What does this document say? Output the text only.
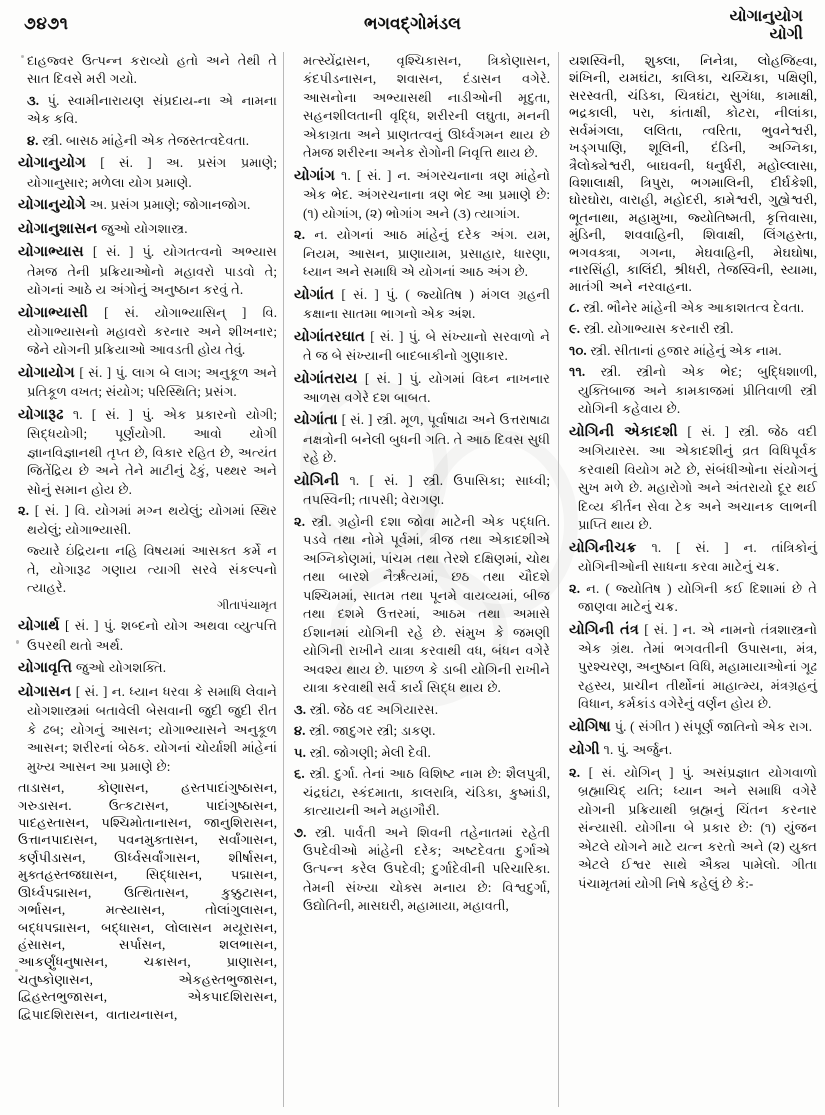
૭૪૭૧	ભગવદ્ગોમંડલ	યોગાનુયોગ
યોગી

દાહજ્વર ઉત્પન્ન કરાવ્યો હતો અને તેથી તે સાત દિવસે મરી ગયો.

૩. પું. સ્વામીનારાયણ સંપ્રદાય-ના એ નામના એક કવિ.

૪. સ્ત્રી. બાસઠ માંહેની એક તેજસ્તત્વદેવતા.

યોગાનુયોગ [ સં. ] અ. પ્રસંગ પ્રમાણે; યોગાનુસાર; મળેલા યોગ પ્રમાણે.

યોગાનુયોગે અ. પ્રસંગ પ્રમાણે; જોગાનજોગ.

યોગાનુશાસન જુઓ યોગશાસ્ત્ર.

યોગાભ્યાસ [ સં. ] પું. યોગતત્વનો અભ્યાસ તેમજ તેની પ્રક્રિયાઓનો મહાવરો પાડવો તે; યોગનાં આઠે ય અંગોનું અનુષ્ઠાન કરવું તે.

યોગાભ્યાસી [ સં. યોગાભ્યાસિન્ ] વિ. યોગાભ્યાસનો મહાવરો કરનાર અને શીખનાર; જેને યોગની પ્રક્રિયાઓ આવડતી હોય તેવું.

યોગાયોગ [ સં. ] પું. લાગ બે લાગ; અનુકૂળ અને પ્રતિકૂળ વખત; સંયોગ; પરિસ્થિતિ; પ્રસંગ.

યોગારૂઢ ૧. [ સં. ] પું. એક પ્રકારનો યોગી; સિદ્ધયોગી; પૂર્ણયોગી. આવો યોગી જ્ઞાનવિજ્ઞાનથી તૃપ્ત છે, વિકાર રહિત છે, અત્યંત જિતેંદ્રિય છે અને તેને માટીનું ઢેકું, પથ્થર અને સોનું સમાન હોય છે.

૨. [ સં. ] વિ. યોગમાં મગ્ન થયેલું; યોગમાં સ્થિર થયેલું; યોગાભ્યાસી.

જ્યારે ઇંદ્રિયના નહિ વિષયમાં આસક્ત કર્મે ન તે, યોગારૂઢ ગણાય ત્યાગી સરવે સંકલ્પનો ત્યાહરે.

ગીતાપંચામૃત

યોગાર્થ [ સં. ] પું. શબ્દનો યોગ અથવા વ્યુત્પત્તિ ઉપરથી થતો અર્થ.

યોગાવૃત્તિ જુઓ યોગશક્તિ.

યોગાસન [ સં. ] ન. ધ્યાન ધરવા કે સમાધિ લેવાને યોગશાસ્ત્રમાં બતાવેલી બેસવાની જુદી જુદી રીત કે ઢબ; યોગનું આસન; યોગાભ્યાસને અનુકૂળ આસન; શરીરનાં બેઠક. યોગનાં ચોર્યાશી માંહેનાં મુખ્ય આસન આ પ્રમાણે છે:

તાડાસન, કોણાસન, હસ્તપાદાંગુષ્ઠાસન, ગરુડાસન. ઉત્કટાસન, પાદાંગુષ્ઠાસન, પાદહસ્તાસન, પશ્ચિમોતાનાસન, જાનુશિરાસન, ઉત્તાનપાદાસન, પવનમુક્તાસન, સર્વાંગાસન, કર્ણપીડાસન, ઊર્ધ્વસર્વાંગાસન, શીર્ષાસન, મુક્તહસ્તજઘાસન, સિદ્ધાસન, પદ્માસન, ઊર્ધ્વપદ્માસન, ઉત્થિતાસન, કુક્કુટાસન, ગર્ભાસન, મત્સ્યાસન, તોલાંગુલાસન, બદ્ધપદ્માસન, બદ્ધાસન, લોલાસન મયૂરાસન, હંસાસન, સર્પાસન, શલભાસન, આકર્ણુંધનુષાસન, ચક્રાસન, પ્રાણાસન, ચતુષ્કોણાસન, એકહસ્તભુજાસન, દ્વિહસ્તભુજાસન, એકપાદશિરાસન, દ્વિપાદશિરાસન, વાતાયનાસન,

મત્સ્યેંદ્રાસન, વૃશ્ચિકાસન, ત્રિકોણાસન, કંદપીડનાસન, શવાસન, દંડાસન વગેરે. આસનોના અભ્યાસથી નાડીઓની મૃદુતા, સહનશીલતાની વૃદ્ધિ, શરીરની લઘુતા, મનની એકાગ્રતા અને પ્રાણતત્વનું ઊર્ધ્વગમન થાય છે તેમજ શરીરના અનેક રોગોની નિવૃત્તિ થાય છે.

યોગાંગ ૧. [ સં. ] ન. અંગરચનાના ત્રણ માંહેનો એક ભેદ. અંગરચનાના ત્રણ ભેદ આ પ્રમાણે છે: (૧) યોગાંગ, (૨) ભોગાંગ અને (૩) ત્યાગાંગ.

૨. ન. યોગનાં આઠ માંહેનું દરેક અંગ. યમ, નિયમ, આસન, પ્રાણાયામ, પ્રસાહાર, ધારણા, ધ્યાન અને સમાધિ એ યોગનાં આઠ અંગ છે.

યોગાંત [ સં. ] પું. ( જ્યોતિષ ) મંગલ ગ્રહની કક્ષાના સાતમા ભાગનો એક અંશ.

યોગાંતરઘાત [ સં. ] પું. બે સંખ્યાનો સરવાળો ને તે જ બે સંખ્યાની બાદબાકીનો ગુણાકાર.

યોગાંતરાય [ સં. ] પું. યોગમાં વિઘ્ન નાખનાર આળસ વગેરે દશ બાબત.

યોગાંતા [ સં. ] સ્ત્રી. મૂળ, પૂર્વાષાઢા અને ઉત્તરાષાઢા નક્ષત્રોની બનેલી બુધની ગતિ. તે આઠ દિવસ સુધી રહે છે.

યોગિની ૧. [ સં. ] સ્ત્રી. ઉપાસિકા; સાધ્વી; તપસ્વિની; તાપસી; વેરાગણ.

૨. સ્ત્રી. ગ્રહોની દશા જોવા માટેની એક પદ્ધતિ. પડવે તથા નોમે પૂર્વમાં, ત્રીજ તથા એકાદશીએ અગ્નિકોણમાં, પાંચમ તથા તેરશે દક્ષિણમાં, ચોથ તથા બારશે નૈર્ઋત્યમાં, છઠ તથા ચૌદશે પશ્ચિમમાં, સાતમ તથા પૂનમે વાયવ્યમાં, બીજ તથા દશમે ઉત્તરમાં, આઠમ તથા અમાસે ઈશાનમાં યોગિની રહે છે. સંમુખ કે જમણી યોગિની રાખીને યાત્રા કરવાથી વધ, બંધન વગેરે અવશ્ય થાય છે. પાછળ કે ડાબી યોગિની રાખીને યાત્રા કરવાથી સર્વ કાર્ય સિદ્ધ થાય છે.

૩. સ્ત્રી. જેઠ વદ અગિયારસ.

૪. સ્ત્રી. જાદુગર સ્ત્રી; ડાકણ.

૫. સ્ત્રી. જોગણી; મેલી દેવી.

૬. સ્ત્રી. દુર્ગા. તેનાં આઠ વિશિષ્ટ નામ છે: શૈલપુત્રી, ચંદ્રઘંટા, સ્કંદમાતા, કાલરાત્રિ, ચંડિકા, કુષ્માંડી, કાત્યાયની અને મહાગૌરી.

૭. સ્ત્રી. પાર્વતી અને શિવની તહેનાતમાં રહેતી ઉપદેવીઓ માંહેની દરેક; અષ્ટદેવતા દુર્ગાએ ઉત્પન્ન કરેલ ઉપદેવી; દુર્ગાદેવીની પરિચારિકા. તેમની સંખ્યા ચોક્સ મનાય છે: વિશ્વદુર્ગા, ઉદ્યોતિની, માસઘરી, મહામાયા, મહાવતી,

યશસ્વિની, શુક્લા, નિનેત્રા, લોહજિહ્વા, શંખિની, યમઘંટા, કાલિકા, ચચ્ચિકા, પક્ષિણી, સરસ્વતી, ચંડિકા, ચિત્રઘંટા, સુગંધા, કામાક્ષી, ભદ્રકાલી, પરા, કાંતાક્ષી, કોટરા, નીલાંકા, સર્વમંગલા, લલિતા, ત્વરિતા, ભુવનેશ્વરી, ખડ્ગપાણિ, શૂલિની, દંડિની, અગ્નિકા, ત્રૈલોક્યેશ્વરી, બાઘવની, ધનુર્ધરી, મહોલ્લાસા, વિશાલાક્ષી, ત્રિપુરા, ભગમાલિની, દીર્ઘકેશી, ઘોરઘોરા, વારાહી, મહોદરી, કામેશ્વરી, ગુહ્યેશ્વરી, ભૂતનાથા, મહામુખા, જ્યોતિષ્મતી, કૃત્તિવાસા, મુંડિની, શવવાહિની, શિવાક્ષી, લિંગહસ્તા, ભગવક્ત્રા, ગગના, મેઘવાહિની, મેઘઘોષા, નારસિંહી, કાલિંદી, શ્રીધરી, તેજસ્વિની, સ્યામા, માતંગી અને નરવાહના.

૮. સ્ત્રી. ભૌનેર માંહેની એક આકાશતત્વ દેવતા.

૯. સ્ત્રી. યોગાભ્યાસ કરનારી સ્ત્રી.

૧૦. સ્ત્રી. સીતાનાં હજાર માંહેનું એક નામ.

૧૧. સ્ત્રી. સ્ત્રીનો એક ભેદ; બુદ્ધિશાળી, યુક્તિબાજ અને કામકાજમાં પ્રીતિવાળી સ્ત્રી યોગિની કહેવાય છે.

યોગિની એકાદશી [ સં. ] સ્ત્રી. જેઠ વદી અગિયારસ. આ એકાદશીનું વ્રત વિધિપૂર્વક કરવાથી વિયોગ મટે છે, સંબંધીઓના સંયોગનું સુખ મળે છે. મહારોગો અને અંતરાયો દૂર થઈ દિવ્ય કીર્તન સેવા ટેક અને અચાનક લાભની પ્રાપ્તિ થાય છે.

યોગિનીચક્ર ૧. [ સં. ] ન. તાંત્રિકોનું યોગિનીઓની સાધના કરવા માટેનું ચક્ર.

૨. ન. ( જ્યોતિષ ) યોગિની કઈ દિશામાં છે તે જાણવા માટેનું ચક્ર.

યોગિની તંત્ર [ સં. ] ન. એ નામનો તંત્રશાસ્ત્રનો એક ગ્રંથ. તેમાં ભગવતીની ઉપાસના, મંત્ર, પુરશ્ચરણ, અનુષ્ઠાન વિધિ, મહામાયાઓનાં ગૂઢ રહસ્ય, પ્રાચીન તીર્થોનાં માહાત્મ્ય, મંત્રગ્રહનું વિધાન, કર્મકાંડ વગેરેનું વર્ણન હોય છે.

યોગિષા પું. ( સંગીત ) સંપૂર્ણ જાતિનો એક રાગ.

યોગી ૧. પું. અર્જુન.

૨. [ સં. યોગિન્ ] પું. અસંપ્રજ્ઞાત યોગવાળો બ્રહ્માચિદ્ યતિ; ધ્યાન અને સમાધિ વગેરે યોગની પ્રક્રિયાથી બ્રહ્મનું ચિંતન કરનાર સંન્યાસી. યોગીના બે પ્રકાર છે: (૧) યુંજન એટલે યોગને માટે યત્ન કરતો અને (૨) યુક્ત એટલે ઈશ્વર સાથે ઐક્ય પામેલો. ગીતા પંચામૃતમાં યોગી નિષે કહેલું છે કે:-
